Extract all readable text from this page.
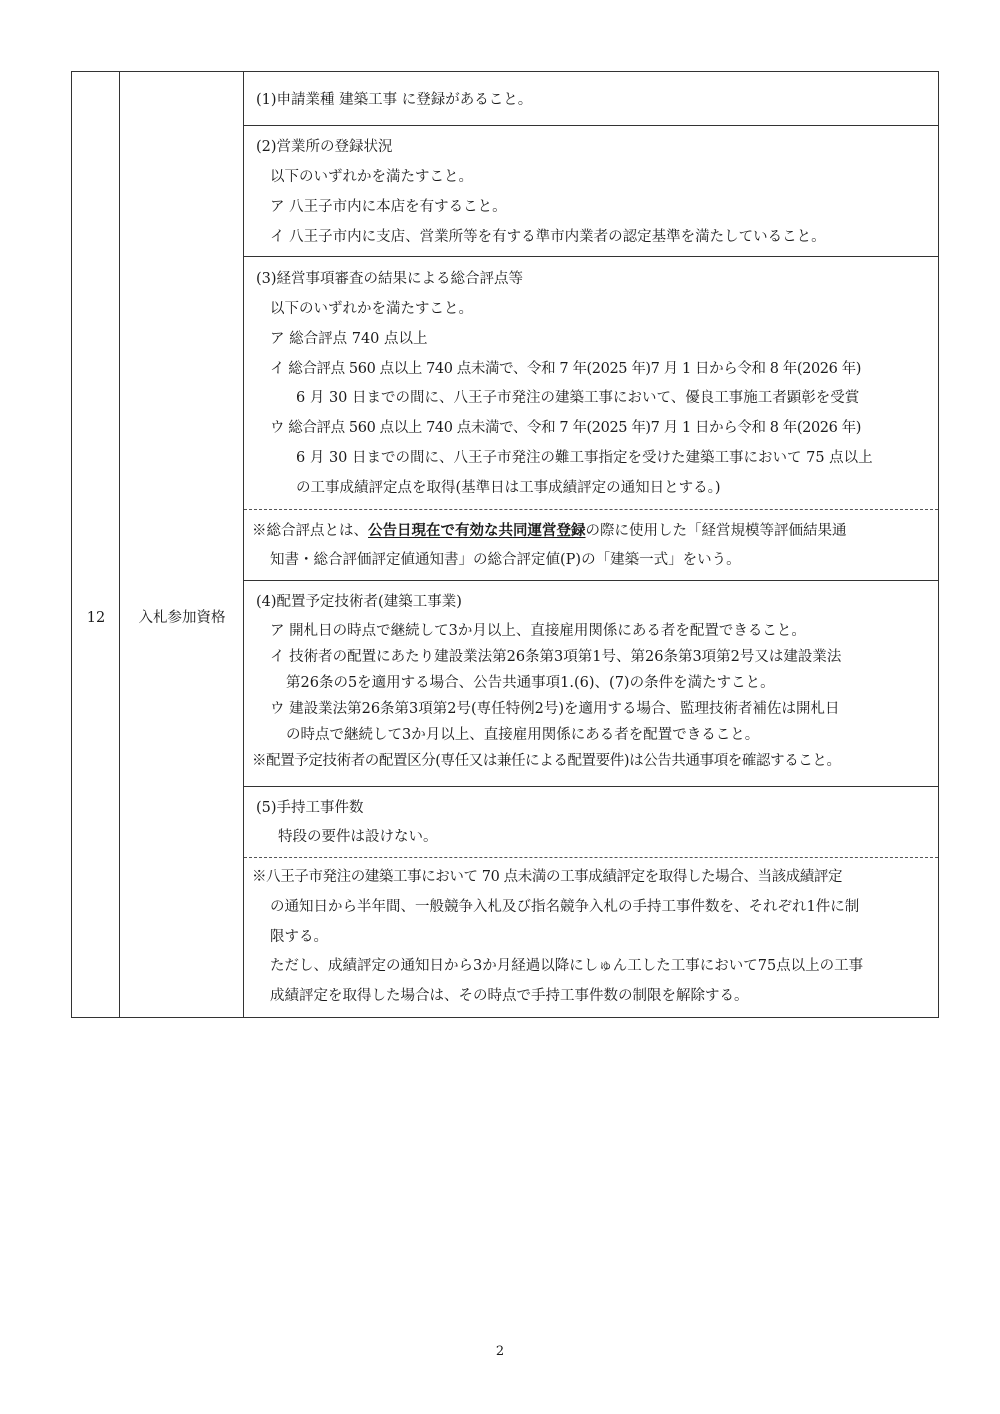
12	入札参加資格
(1)申請業種 建築工事 に登録があること。
(2)営業所の登録状況
以下のいずれかを満たすこと。
ア 八王子市内に本店を有すること。
イ 八王子市内に支店、営業所等を有する準市内業者の認定基準を満たしていること。
(3)経営事項審査の結果による総合評点等
以下のいずれかを満たすこと。
ア 総合評点 740 点以上
イ 総合評点 560 点以上 740 点未満で、令和 7 年(2025 年)7 月 1 日から令和 8 年(2026 年)
6 月 30 日までの間に、八王子市発注の建築工事において、優良工事施工者顕彰を受賞
ウ 総合評点 560 点以上 740 点未満で、令和 7 年(2025 年)7 月 1 日から令和 8 年(2026 年)
6 月 30 日までの間に、八王子市発注の難工事指定を受けた建築工事において 75 点以上
の工事成績評定点を取得(基準日は工事成績評定の通知日とする。)
※総合評点とは、公告日現在で有効な共同運営登録の際に使用した「経営規模等評価結果通
知書・総合評価評定値通知書」の総合評定値(P)の「建築一式」をいう。
(4)配置予定技術者(建築工事業)
ア 開札日の時点で継続して3か月以上、直接雇用関係にある者を配置できること。
イ 技術者の配置にあたり建設業法第26条第3項第1号、第26条第3項第2号又は建設業法
第26条の5を適用する場合、公告共通事項1.(6)、(7)の条件を満たすこと。
ウ 建設業法第26条第3項第2号(専任特例2号)を適用する場合、監理技術者補佐は開札日
の時点で継続して3か月以上、直接雇用関係にある者を配置できること。
※配置予定技術者の配置区分(専任又は兼任による配置要件)は公告共通事項を確認すること。
(5)手持工事件数
特段の要件は設けない。
※八王子市発注の建築工事において 70 点未満の工事成績評定を取得した場合、当該成績評定
の通知日から半年間、一般競争入札及び指名競争入札の手持工事件数を、それぞれ1件に制
限する。
ただし、成績評定の通知日から3か月経過以降にしゅん工した工事において75点以上の工事
成績評定を取得した場合は、その時点で手持工事件数の制限を解除する。
2
